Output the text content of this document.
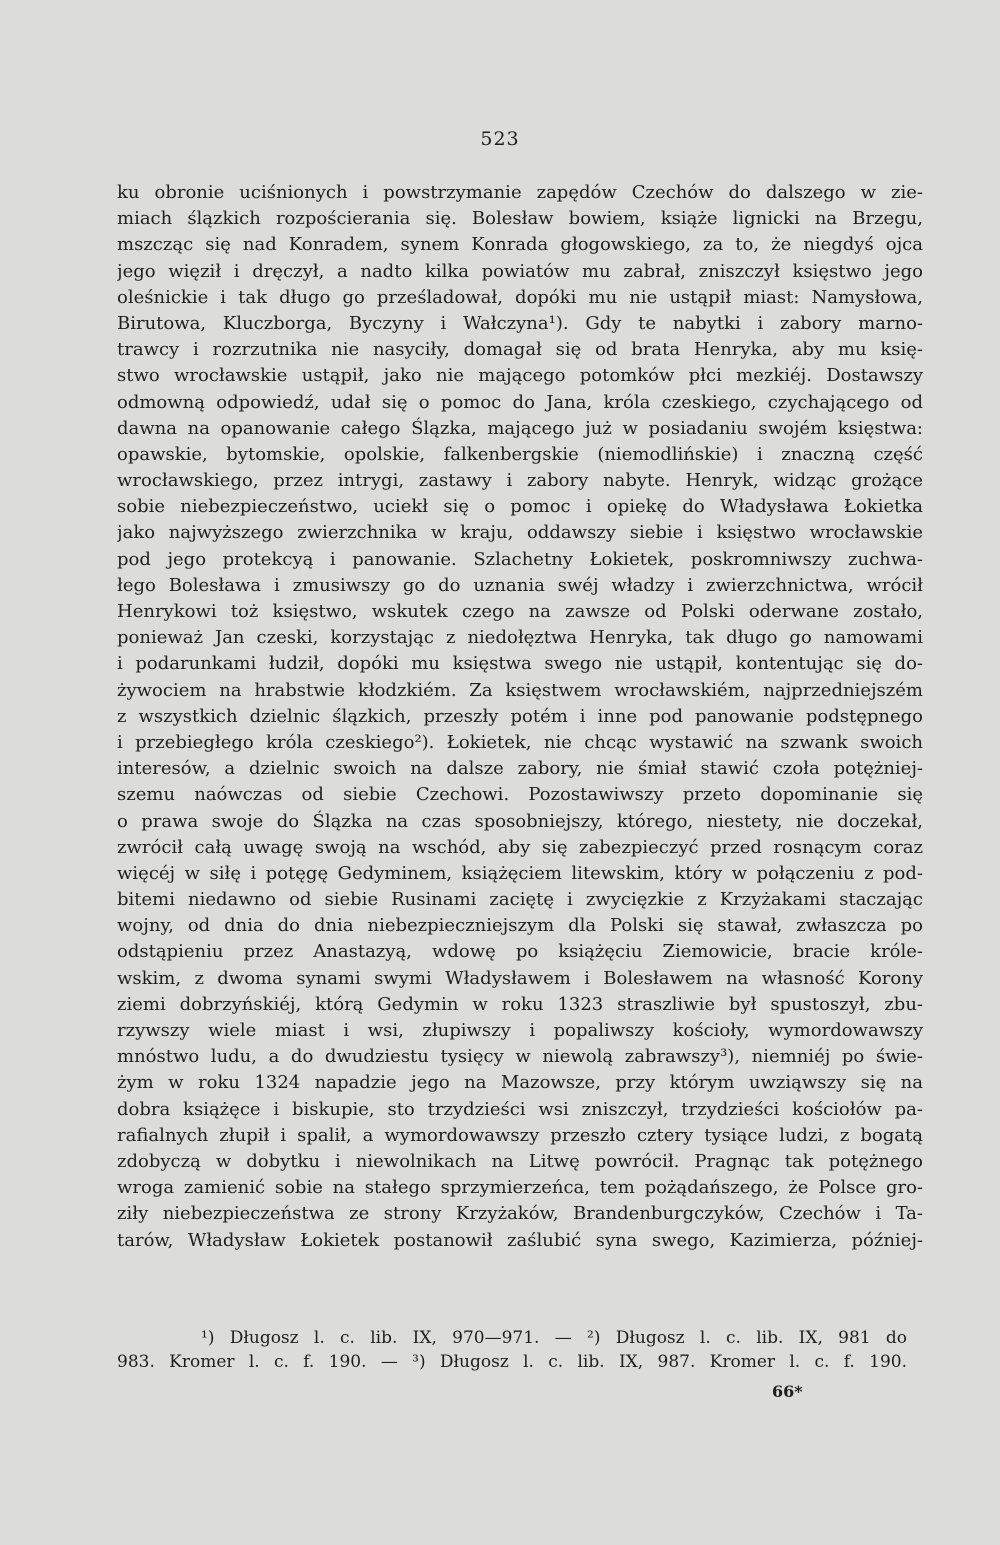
523
ku obronie uciśnionych i powstrzymanie zapędów Czechów do dalszego w zie-
miach ślązkich rozpościerania się. Bolesław bowiem, książe lignicki na Brzegu,
mszcząc się nad Konradem, synem Konrada głogowskiego, za to, że niegdyś ojca
jego więził i dręczył, a nadto kilka powiatów mu zabrał, zniszczył księstwo jego
oleśnickie i tak długo go prześladował, dopóki mu nie ustąpił miast: Namysłowa,
Birutowa, Kluczborga, Byczyny i Wałczyna¹). Gdy te nabytki i zabory marno-
trawcy i rozrzutnika nie nasyciły, domagał się od brata Henryka, aby mu księ-
stwo wrocławskie ustąpił, jako nie mającego potomków płci mezkiéj. Dostawszy
odmowną odpowiedź, udał się o pomoc do Jana, króla czeskiego, czychającego od
dawna na opanowanie całego Ślązka, mającego już w posiadaniu swojém księstwa:
opawskie, bytomskie, opolskie, falkenbergskie (niemodlińskie) i znaczną część
wrocławskiego, przez intrygi, zastawy i zabory nabyte. Henryk, widząc grożące
sobie niebezpieczeństwo, uciekł się o pomoc i opiekę do Władysława Łokietka
jako najwyższego zwierzchnika w kraju, oddawszy siebie i księstwo wrocławskie
pod jego protekcyą i panowanie. Szlachetny Łokietek, poskromniwszy zuchwa-
łego Bolesława i zmusiwszy go do uznania swéj władzy i zwierzchnictwa, wrócił
Henrykowi toż księstwo, wskutek czego na zawsze od Polski oderwane zostało,
ponieważ Jan czeski, korzystając z niedołęztwa Henryka, tak długo go namowami
i podarunkami łudził, dopóki mu księstwa swego nie ustąpił, kontentując się do-
żywociem na hrabstwie kłodzkiém. Za księstwem wrocławskiém, najprzedniejszém
z wszystkich dzielnic ślązkich, przeszły potém i inne pod panowanie podstępnego
i przebiegłego króla czeskiego²). Łokietek, nie chcąc wystawić na szwank swoich
interesów, a dzielnic swoich na dalsze zabory, nie śmiał stawić czoła potężniej-
szemu naówczas od siebie Czechowi. Pozostawiwszy przeto dopominanie się
o prawa swoje do Ślązka na czas sposobniejszy, którego, niestety, nie doczekał,
zwrócił całą uwagę swoją na wschód, aby się zabezpieczyć przed rosnącym coraz
więcéj w siłę i potęgę Gedyminem, książęciem litewskim, który w połączeniu z pod-
bitemi niedawno od siebie Rusinami zaciętę i zwycięzkie z Krzyżakami staczając
wojny, od dnia do dnia niebezpieczniejszym dla Polski się stawał, zwłaszcza po
odstąpieniu przez Anastazyą, wdowę po książęciu Ziemowicie, bracie króle-
wskim, z dwoma synami swymi Władysławem i Bolesławem na własność Korony
ziemi dobrzyńskiéj, którą Gedymin w roku 1323 straszliwie był spustoszył, zbu-
rzywszy wiele miast i wsi, złupiwszy i popaliwszy kościoły, wymordowawszy
mnóstwo ludu, a do dwudziestu tysięcy w niewolą zabrawszy³), niemniéj po świe-
żym w roku 1324 napadzie jego na Mazowsze, przy którym uwziąwszy się na
dobra książęce i biskupie, sto trzydzieści wsi zniszczył, trzydzieści kościołów pa-
rafialnych złupił i spalił, a wymordowawszy przeszło cztery tysiące ludzi, z bogatą
zdobyczą w dobytku i niewolnikach na Litwę powrócił. Pragnąc tak potężnego
wroga zamienić sobie na stałego sprzymierzeńca, tem pożądańszego, że Polsce gro-
ziły niebezpieczeństwa ze strony Krzyżaków, Brandenburgczyków, Czechów i Ta-
tarów, Władysław Łokietek postanowił zaślubić syna swego, Kazimierza, później-
¹) Długosz l. c. lib. IX, 970—971. — ²) Długosz l. c. lib. IX, 981 do
983. Kromer l. c. f. 190. — ³) Długosz l. c. lib. IX, 987. Kromer l. c. f. 190.
66*
